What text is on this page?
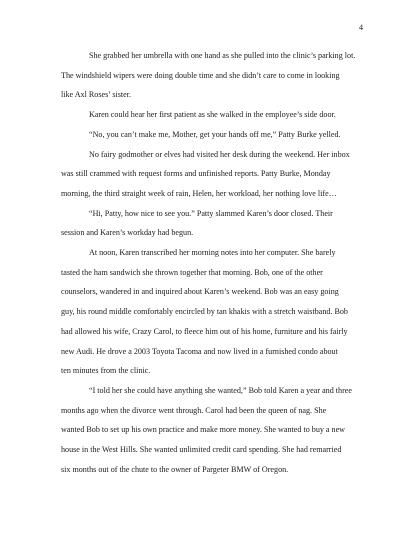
4

She grabbed her umbrella with one hand as she pulled into the clinic’s parking lot.
The windshield wipers were doing double time and she didn’t care to come in looking
like Axl Roses’ sister.

Karen could hear her first patient as she walked in the employee’s side door.

“No, you can’t make me, Mother, get your hands off me,” Patty Burke yelled.

No fairy godmother or elves had visited her desk during the weekend. Her inbox
was still crammed with request forms and unfinished reports. Patty Burke, Monday
morning, the third straight week of rain, Helen, her workload, her nothing love life…

“Hi, Patty, how nice to see you.” Patty slammed Karen’s door closed. Their
session and Karen’s workday had begun.

At noon, Karen transcribed her morning notes into her computer. She barely
tasted the ham sandwich she thrown together that morning. Bob, one of the other
counselors, wandered in and inquired about Karen’s weekend. Bob was an easy going
guy, his round middle comfortably encircled by tan khakis with a stretch waistband. Bob
had allowed his wife, Crazy Carol, to fleece him out of his home, furniture and his fairly
new Audi. He drove a 2003 Toyota Tacoma and now lived in a furnished condo about
ten minutes from the clinic.

“I told her she could have anything she wanted,” Bob told Karen a year and three
months ago when the divorce went through. Carol had been the queen of nag. She
wanted Bob to set up his own practice and make more money. She wanted to buy a new
house in the West Hills. She wanted unlimited credit card spending. She had remarried
six months out of the chute to the owner of Pargeter BMW of Oregon.
